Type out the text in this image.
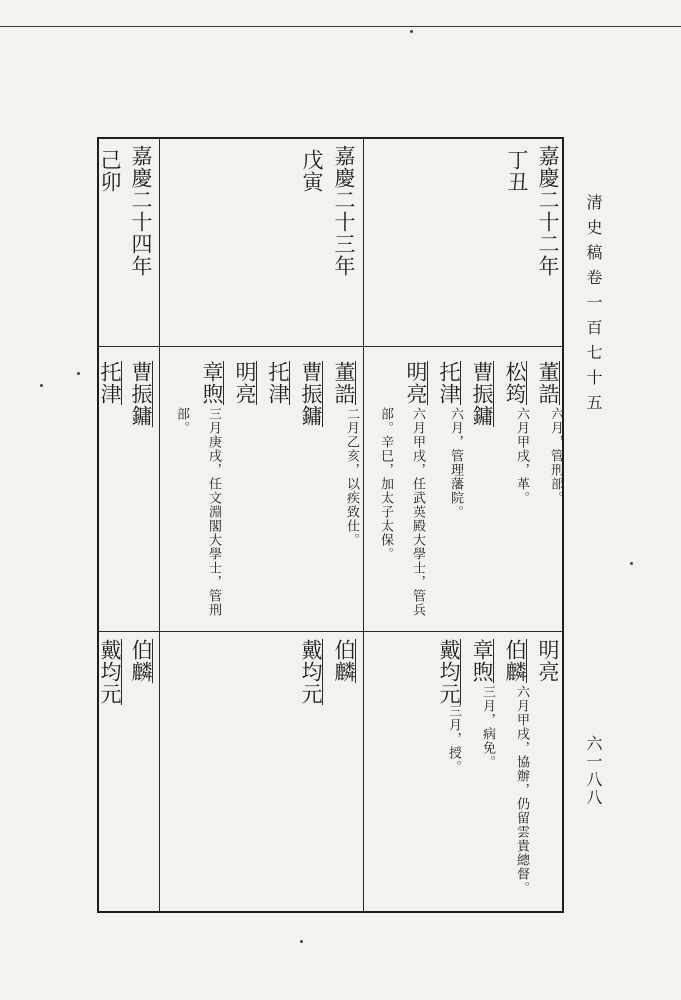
清史稿卷一百七十五
六一八八
嘉慶二十二年
丁丑
嘉慶二十三年
戊寅
嘉慶二十四年
己卯
董誥
六月，管刑部。
松筠
六月甲戌，革。
曹振鏞
托津
六月，管理藩院。
明亮
六月甲戌，任武英殿大學士，管兵
部。辛巳，加太子太保。
董誥
二月乙亥，以疾致仕。
曹振鏞
托津
明亮
章煦
三月庚戌，任文淵閣大學士，管刑
部。
曹振鏞
托津
明亮
伯麟
六月甲戌，協辦，仍留雲貴總督。
章煦
三月，病免。
戴均元
三月，授。
伯麟
戴均元
伯麟
戴均元
